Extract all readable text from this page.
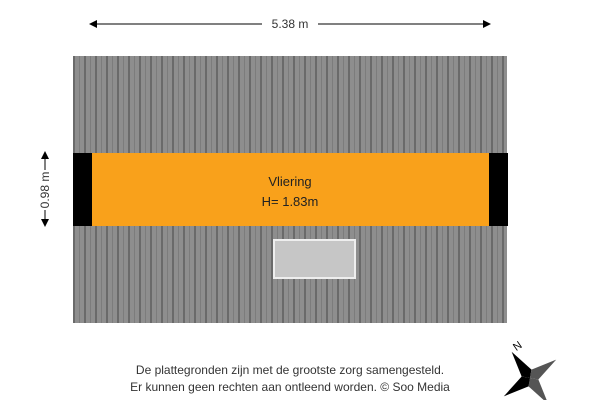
5.38 m
0.98 m	Vliering
H= 1.83m
N
De plattegronden zijn met de grootste zorg samengesteld.
Er kunnen geen rechten aan ontleend worden. © Soo Media
